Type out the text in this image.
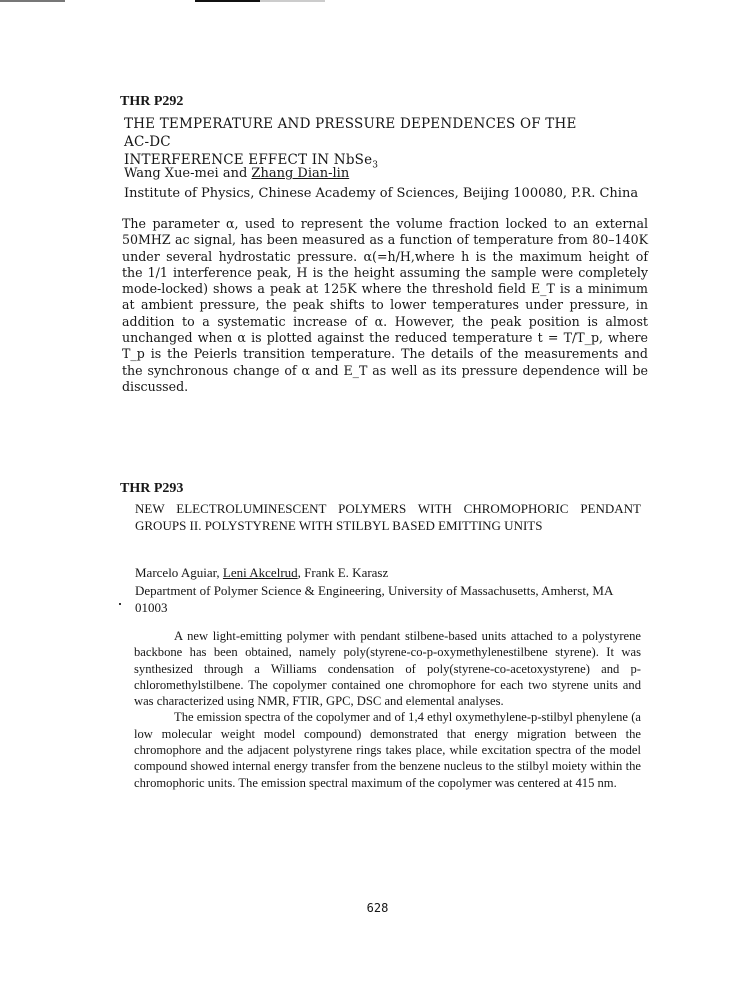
THR P292
THE TEMPERATURE AND PRESSURE DEPENDENCES OF THE AC-DC
INTERFERENCE EFFECT IN NbSe$_3$
Wang Xue-mei and Zhang Dian-lin
Institute of Physics, Chinese Academy of Sciences, Beijing 100080, P.R. China
The parameter α, used to represent the volume fraction locked to an external 50MHZ ac signal, has been measured as a function of temperature from 80–140K under several hydrostatic pressure. α(=h/H,where h is the maximum height of the 1/1 interference peak, H is the height assuming the sample were completely mode-locked) shows a peak at 125K where the threshold field E_T is a minimum at ambient pressure, the peak shifts to lower temperatures under pressure, in addition to a systematic increase of α. However, the peak position is almost unchanged when α is plotted against the reduced temperature t = T/T_p, where T_p is the Peierls transition temperature. The details of the measurements and the synchronous change of α and E_T as well as its pressure dependence will be discussed.
THR P293
NEW ELECTROLUMINESCENT POLYMERS WITH CHROMOPHORIC PENDANT GROUPS II. POLYSTYRENE WITH STILBYL BASED EMITTING UNITS
Marcelo Aguiar, Leni Akcelrud, Frank E. Karasz
Department of Polymer Science & Engineering, University of Massachusetts, Amherst, MA 01003

A new light-emitting polymer with pendant stilbene-based units attached to a polystyrene backbone has been obtained, namely poly(styrene-co-p-oxymethylenestilbene styrene). It was synthesized through a Williams condensation of poly(styrene-co-acetoxystyrene) and p-chloromethylstilbene. The copolymer contained one chromophore for each two styrene units and was characterized using NMR, FTIR, GPC, DSC and elemental analyses.

The emission spectra of the copolymer and of 1,4 ethyl oxymethylene-p-stilbyl phenylene (a low molecular weight model compound) demonstrated that energy migration between the chromophore and the adjacent polystyrene rings takes place, while excitation spectra of the model compound showed internal energy transfer from the benzene nucleus to the stilbyl moiety within the chromophoric units. The emission spectral maximum of the copolymer was centered at 415 nm.

628
